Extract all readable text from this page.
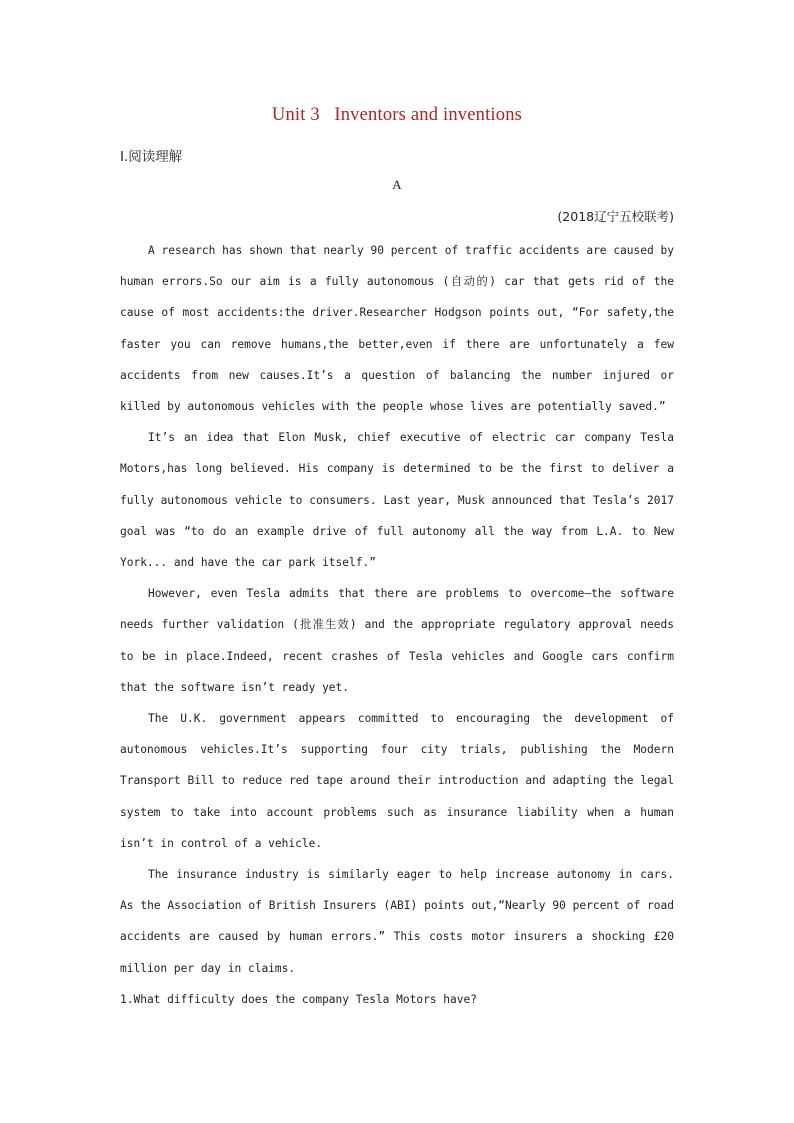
Unit 3   Inventors and inventions
Ⅰ.阅读理解
A
(2018辽宁五校联考)

A research has shown that nearly 90 percent of traffic accidents are caused by human errors.So our aim is a fully autonomous (自动的) car that gets rid of the cause of most accidents:the driver.Researcher Hodgson points out, “For safety,the faster you can remove humans,the better,even if there are unfortunately a few accidents from new causes.It’s a question of balancing the number injured or killed by autonomous vehicles with the people whose lives are potentially saved.”

It’s an idea that Elon Musk, chief executive of electric car company Tesla Motors,has long believed. His company is determined to be the first to deliver a fully autonomous vehicle to consumers. Last year, Musk announced that Tesla’s 2017 goal was “to do an example drive of full autonomy all the way from L.A. to New York... and have the car park itself.”

However, even Tesla admits that there are problems to overcome—the software needs further validation (批准生效) and the appropriate regulatory approval needs to be in place.Indeed, recent crashes of Tesla vehicles and Google cars confirm that the software isn’t ready yet.

The U.K. government appears committed to encouraging the development of autonomous vehicles.It’s supporting four city trials, publishing the Modern Transport Bill to reduce red tape around their introduction and adapting the legal system to take into account problems such as insurance liability when a human isn’t in control of a vehicle.

The insurance industry is similarly eager to help increase autonomy in cars. As the Association of British Insurers (ABI) points out,“Nearly 90 percent of road accidents are caused by human errors.” This costs motor insurers a shocking £20 million per day in claims.

1.What difficulty does the company Tesla Motors have?
